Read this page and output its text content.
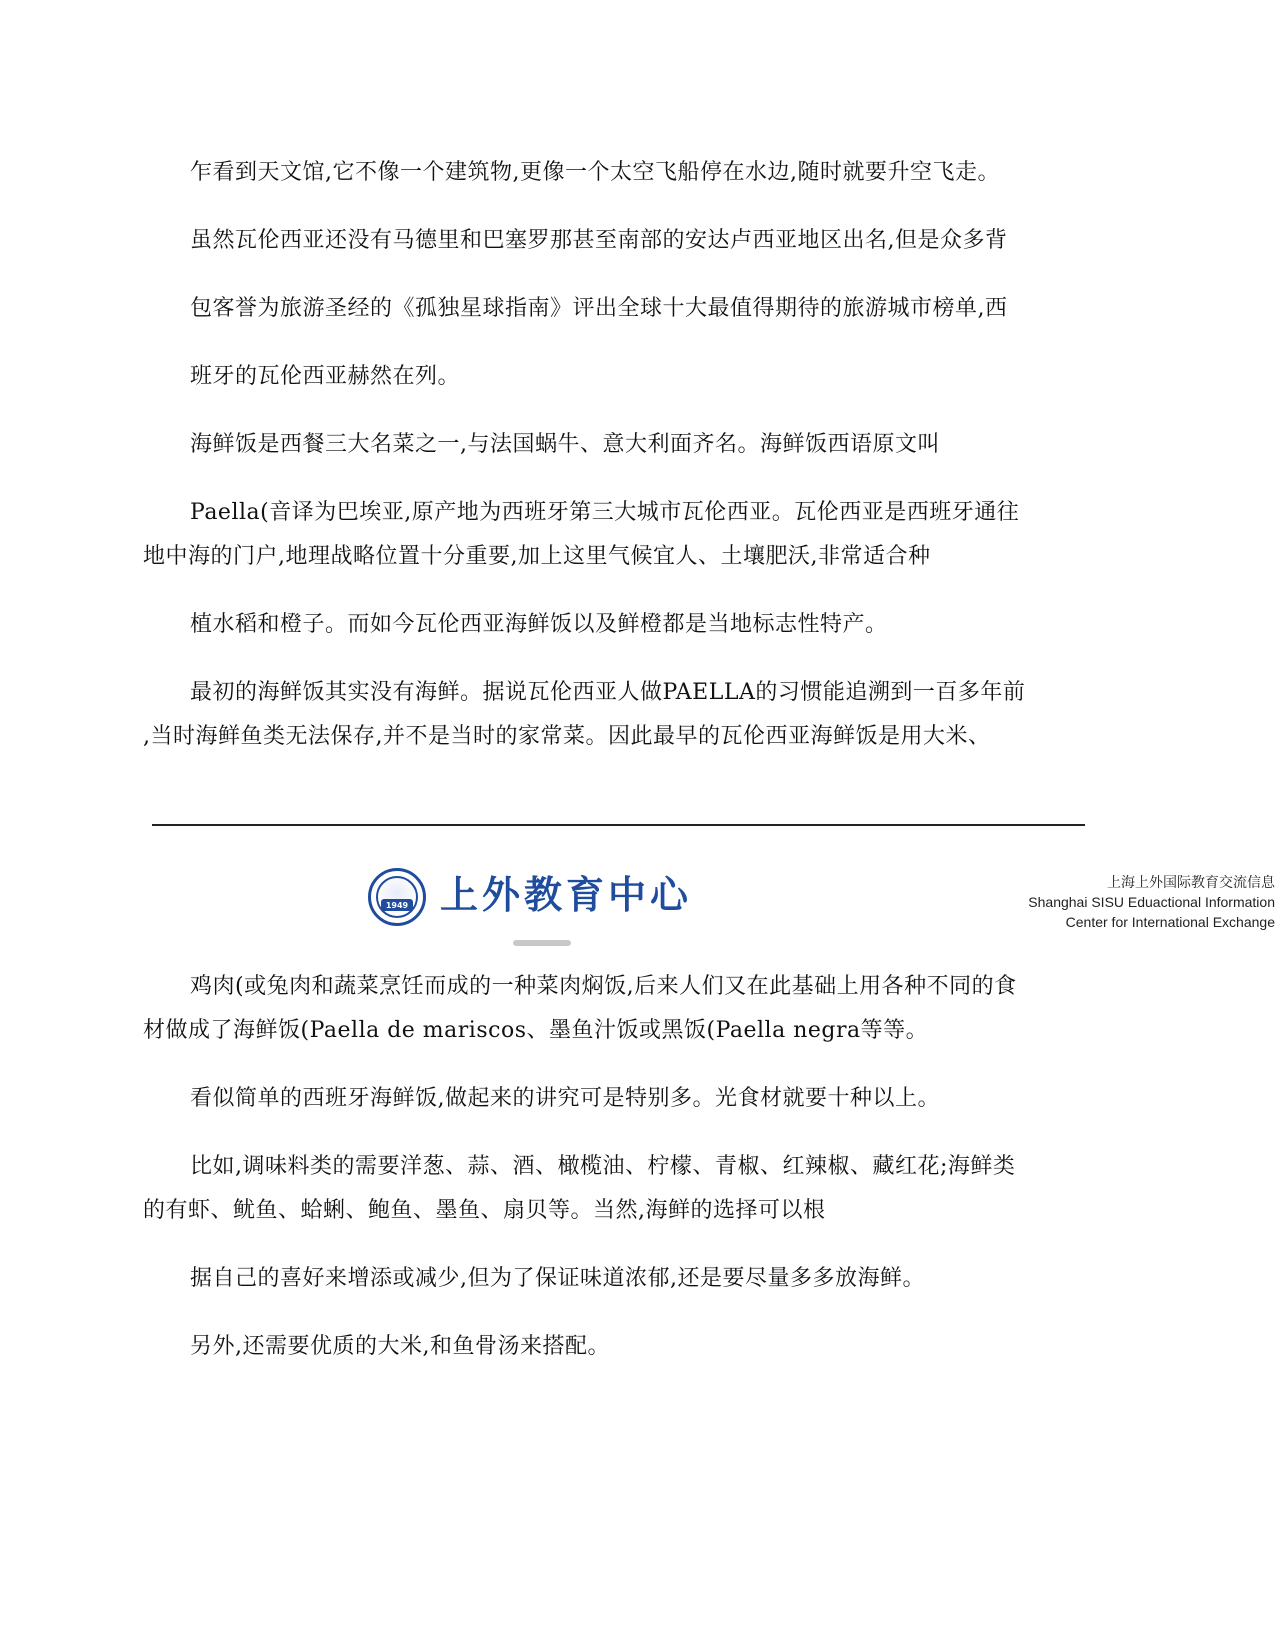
乍看到天文馆,它不像一个建筑物,更像一个太空飞船停在水边,随时就要升空飞走。
虽然瓦伦西亚还没有马德里和巴塞罗那甚至南部的安达卢西亚地区出名,但是众多背
包客誉为旅游圣经的《孤独星球指南》评出全球十大最值得期待的旅游城市榜单,西
班牙的瓦伦西亚赫然在列。
海鲜饭是西餐三大名菜之一,与法国蜗牛、意大利面齐名。海鲜饭西语原文叫
Paella(音译为巴埃亚,原产地为西班牙第三大城市瓦伦西亚。瓦伦西亚是西班牙通往
地中海的门户,地理战略位置十分重要,加上这里气候宜人、土壤肥沃,非常适合种
植水稻和橙子。而如今瓦伦西亚海鲜饭以及鲜橙都是当地标志性特产。
最初的海鲜饭其实没有海鲜。据说瓦伦西亚人做PAELLA的习惯能追溯到一百多年前
,当时海鲜鱼类无法保存,并不是当时的家常菜。因此最早的瓦伦西亚海鲜饭是用大米、
1949 上外教育中心	上海上外国际教育交流信息
Shanghai SISU Eduactional Information
Center for International Exchange
鸡肉(或兔肉和蔬菜烹饪而成的一种菜肉焖饭,后来人们又在此基础上用各种不同的食
材做成了海鲜饭(Paella de mariscos、墨鱼汁饭或黑饭(Paella negra等等。
看似简单的西班牙海鲜饭,做起来的讲究可是特别多。光食材就要十种以上。
比如,调味料类的需要洋葱、蒜、酒、橄榄油、柠檬、青椒、红辣椒、藏红花;海鲜类
的有虾、鱿鱼、蛤蜊、鲍鱼、墨鱼、扇贝等。当然,海鲜的选择可以根
据自己的喜好来增添或减少,但为了保证味道浓郁,还是要尽量多多放海鲜。
另外,还需要优质的大米,和鱼骨汤来搭配。
